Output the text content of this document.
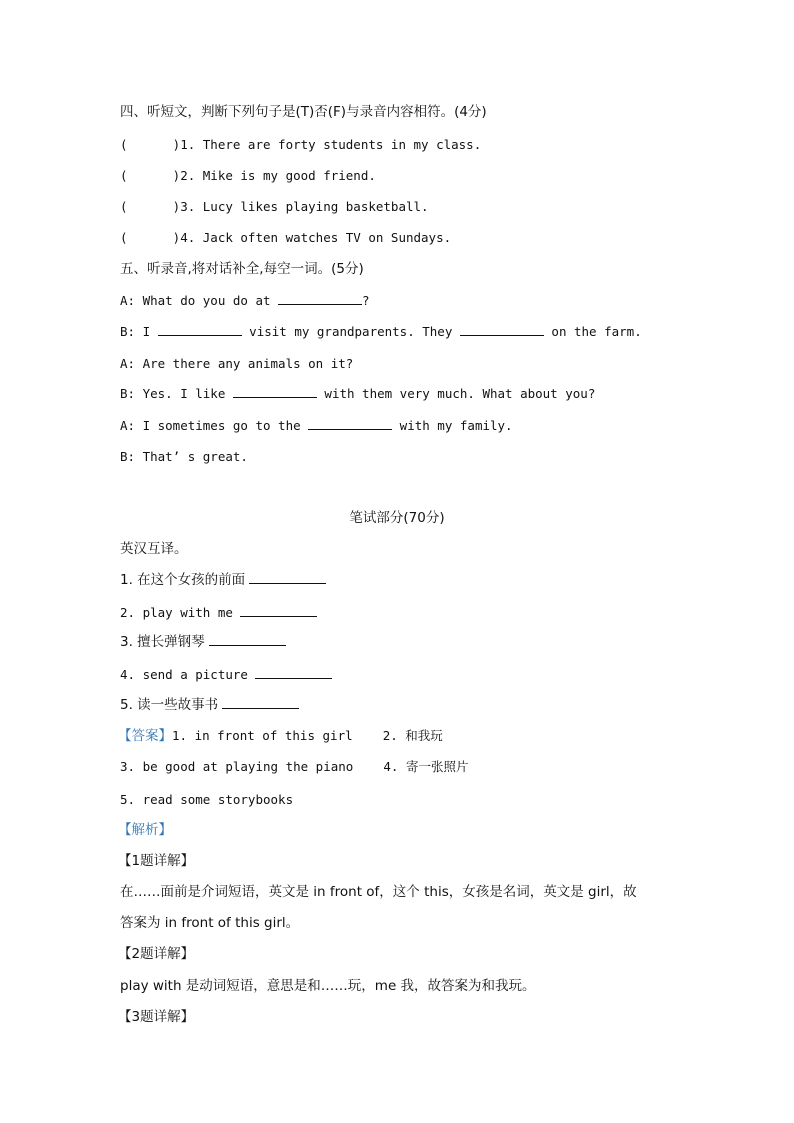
四、听短文，判断下列句子是(T)否(F)与录音内容相符。(4分)
(      )1. There are forty students in my class.
(      )2. Mike is my good friend.
(      )3. Lucy likes playing basketball.
(      )4. Jack often watches TV on Sundays.
五、听录音,将对话补全,每空一词。(5分)
A: What do you do at	?
B: I	visit my grandparents. They	on the farm.
A: Are there any animals on it?
B: Yes. I like	with them very much. What about you?
A: I sometimes go to the	with my family.
B: That’ s great.
笔试部分(70分)
英汉互译。
1. 在这个女孩的前面
2. play with me
3. 擅长弹钢琴
4. send a picture
5. 读一些故事书
【答案】1. in front of this girl    2. 和我玩
3. be good at playing the piano    4. 寄一张照片
5. read some storybooks
【解析】
【1题详解】
在……面前是介词短语，英文是 in front of，这个 this，女孩是名词，英文是 girl，故
答案为 in front of this girl。
【2题详解】
play with 是动词短语，意思是和……玩，me 我，故答案为和我玩。
【3题详解】
